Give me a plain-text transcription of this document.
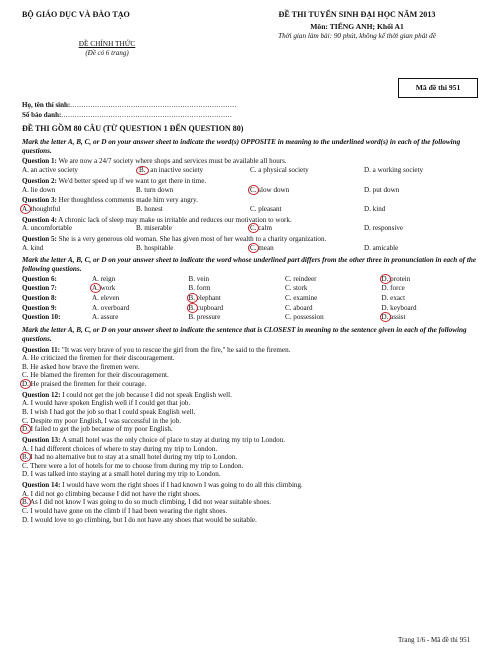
BỘ GIÁO DỤC VÀ ĐÀO TẠO
ĐỀ CHÍNH THỨC
(Đề có 6 trang)
ĐỀ THI TUYỂN SINH ĐẠI HỌC NĂM 2013
Môn: TIẾNG ANH; Khối A1
Thời gian làm bài: 90 phút, không kể thời gian phát đề
Mã đề thi 951
Họ, tên thí sinh:..........................................................................
Số báo danh:............................................................................
ĐỀ THI GỒM 80 CÂU (TỪ QUESTION 1 ĐẾN QUESTION 80)
Mark the letter A, B, C, or D on your answer sheet to indicate the word(s) OPPOSITE in meaning to the underlined word(s) in each of the following questions.
Question 1: We are now a 24/7 society where shops and services must be available all hours.
A. an active society	B. an inactive society	C. a physical society	D. a working society
Question 2: We'd better speed up if we want to get there in time.
A. lie down	B. turn down	C. slow down	D. put down
Question 3: Her thoughtless comments made him very angry.
A. thoughtful	B. honest	C. pleasant	D. kind
Question 4: A chronic lack of sleep may make us irritable and reduces our motivation to work.
A. uncomfortable	B. miserable	C. calm	D. responsive
Question 5: She is a very generous old woman. She has given most of her wealth to a charity organization.
A. kind	B. hospitable	C. mean	D. amicable
Mark the letter A, B, C, or D on your answer sheet to indicate the word whose underlined part differs from the other three in pronunciation in each of the following questions.
Question 6:	A. reign	B. vein	C. reindeer	D. protein
Question 7:	A. work	B. form	C. stork	D. force
Question 8:	A. eleven	B. elephant	C. examine	D. exact
Question 9:	A. overboard	B. cupboard	C. aboard	D. keyboard
Question 10:	A. assure	B. pressure	C. possession	D. assist
Mark the letter A, B, C, or D on your answer sheet to indicate the sentence that is CLOSEST in meaning to the sentence given in each of the following questions.
Question 11: "It was very brave of you to rescue the girl from the fire," he said to the firemen.
A. He criticized the firemen for their discouragement.
B. He asked how brave the firemen were.
C. He blamed the firemen for their discouragement.
D. He praised the firemen for their courage.
Question 12: I could not get the job because I did not speak English well.
A. I would have spoken English well if I could get that job.
B. I wish I had got the job so that I could speak English well.
C. Despite my poor English, I was successful in the job.
D. I failed to get the job because of my poor English.
Question 13: A small hotel was the only choice of place to stay at during my trip to London.
A. I had different choices of where to stay during my trip to London.
B. I had no alternative but to stay at a small hotel during my trip to London.
C. There were a lot of hotels for me to choose from during my trip to London.
D. I was talked into staying at a small hotel during my trip to London.
Question 14: I would have worn the right shoes if I had known I was going to do all this climbing.
A. I did not go climbing because I did not have the right shoes.
B. As I did not know I was going to do so much climbing, I did not wear suitable shoes.
C. I would have gone on the climb if I had been wearing the right shoes.
D. I would love to go climbing, but I do not have any shoes that would be suitable.
Trang 1/6 - Mã đề thi 951
